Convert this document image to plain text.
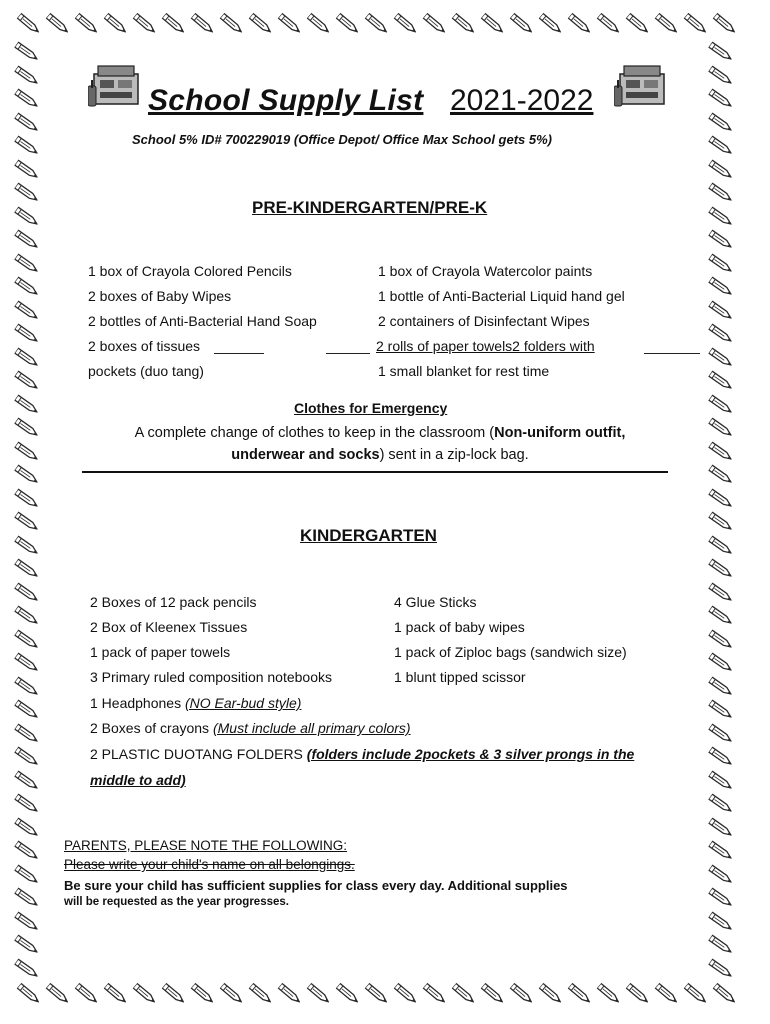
School Supply List 2021-2022
School 5% ID# 700229019 (Office Depot/ Office Max School gets 5%)
PRE-KINDERGARTEN/PRE-K
1 box of Crayola Colored Pencils
2 boxes of Baby Wipes
2 bottles of Anti-Bacterial Hand Soap
2 boxes of tissues
pockets (duo tang)
1 box of Crayola Watercolor paints
1 bottle of Anti-Bacterial Liquid hand gel
2 containers of Disinfectant Wipes
2 rolls of paper towels2 folders with
1 small blanket for rest time
Clothes for Emergency
A complete change of clothes to keep in the classroom (Non-uniform outfit,
underwear and socks) sent in a zip-lock bag.
KINDERGARTEN
2 Boxes of 12 pack pencils
2 Box of Kleenex Tissues
1 pack of paper towels
3 Primary ruled composition notebooks
4 Glue Sticks
1 pack of baby wipes
1 pack of Ziploc bags (sandwich size)
1 blunt tipped scissor
1 Headphones (NO Ear-bud style)
2 Boxes of crayons (Must include all primary colors)
2 PLASTIC DUOTANG FOLDERS (folders include 2pockets & 3 silver prongs in the
middle to add)
PARENTS, PLEASE NOTE THE FOLLOWING:
Please write your child's name on all belongings.
Be sure your child has sufficient supplies for class every day. Additional supplies
will be requested as the year progresses.
